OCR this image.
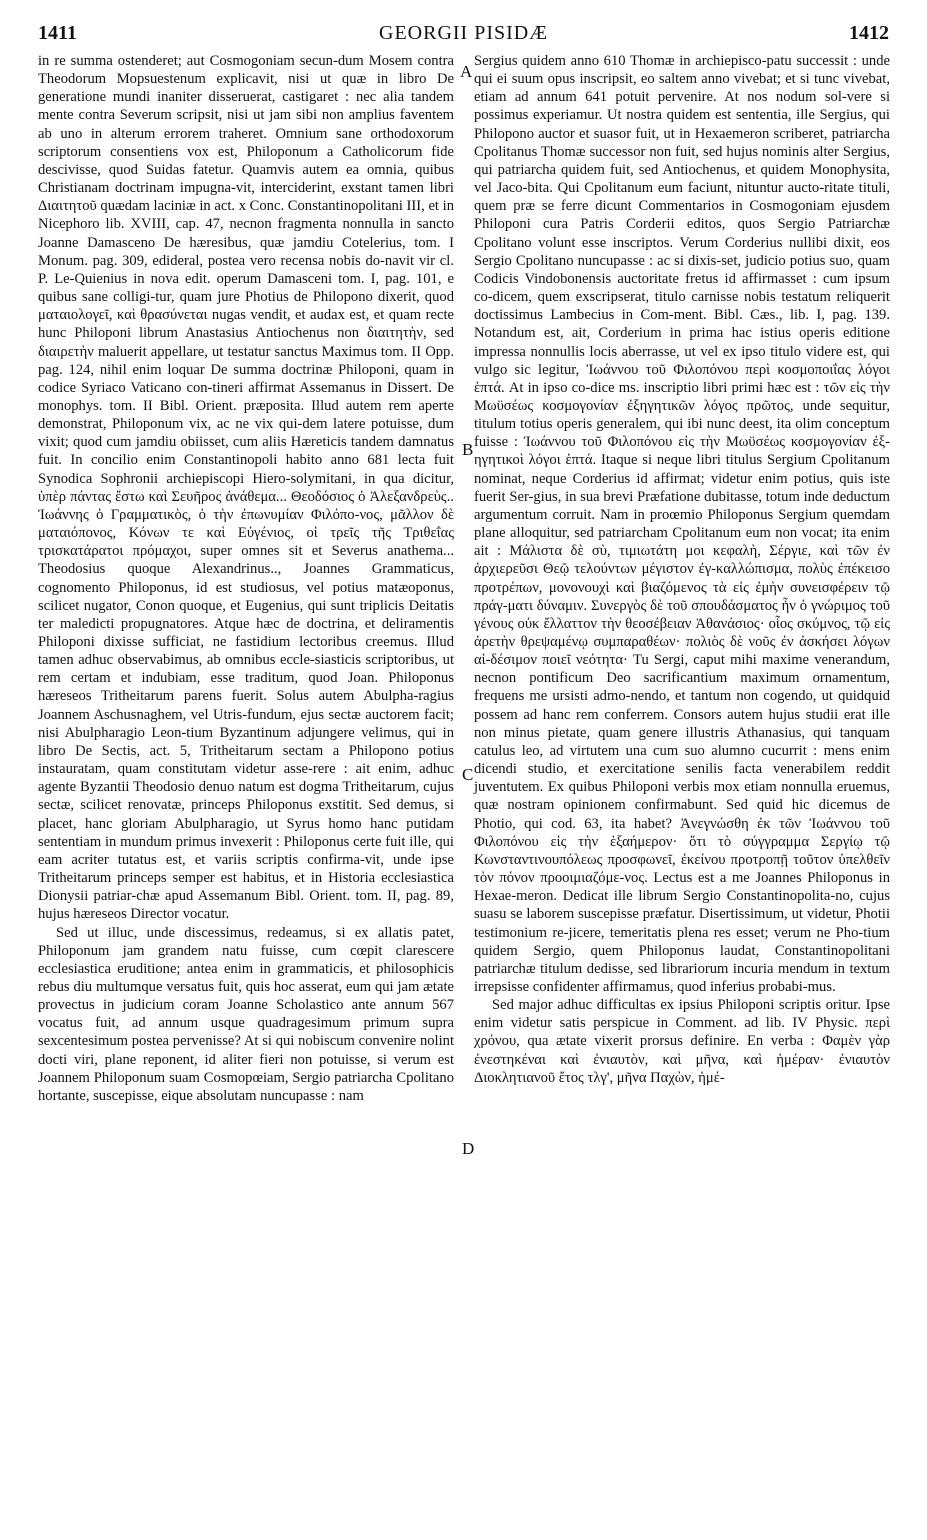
1411	GEORGII PISIDÆ	1412

in re summa ostenderet; aut Cosmogoniam secun-dum Mosem contra Theodorum Mopsuestenum explicavit, nisi ut quæ in libro De generatione mundi inaniter disseruerat, castigaret : nec alia tandem mente contra Severum scripsit, nisi ut jam sibi non amplius faventem ab uno in alterum errorem traheret. Omnium sane orthodoxorum scriptorum consentiens vox est, Philoponum a Catholicorum fide descivisse, quod Suidas fatetur. Quamvis autem ea omnia, quibus Christianam doctrinam impugna-vit, interciderint, exstant tamen libri Διαιτητοῦ quædam laciniæ in act. x Conc. Constantinopolitani III, et in Nicephoro lib. XVIII, cap. 47, necnon fragmenta nonnulla in sancto Joanne Damasceno De hæresibus, quæ jamdiu Cotelerius, tom. I Monum. pag. 309, edideral, postea vero recensa nobis do-navit vir cl. P. Le-Quienius in nova edit. operum Damasceni tom. I, pag. 101, e quibus sane colligi-tur, quam jure Photius de Philopono dixerit, quod ματαιολογεῖ, καὶ θρασύνεται nugas vendit, et audax est, et quam recte hunc Philoponi librum Anastasius Antiochenus non διαιτητὴν, sed διαιρετὴν maluerit appellare, ut testatur sanctus Maximus tom. II Opp. pag. 124, nihil enim loquar De summa doctrinæ Philoponi, quam in codice Syriaco Vaticano con-tineri affirmat Assemanus in Dissert. De monophys. tom. II Bibl. Orient. præposita. Illud autem rem aperte demonstrat, Philoponum vix, ac ne vix qui-dem latere potuisse, dum vixit; quod cum jamdiu obiisset, cum aliis Hæreticis tandem damnatus fuit. In concilio enim Constantinopoli habito anno 681 lecta fuit Synodica Sophronii archiepiscopi Hiero-solymitani, in qua dicitur, ὑπὲρ πάντας ἔστω καὶ Σευῆρος ἀνάθεμα... Θεοδόσιος ὁ Ἀλεξανδρεὺς.. Ἰωάννης ὁ Γραμματικὸς, ὁ τὴν ἐπωνυμίαν Φιλόπο-νος, μᾶλλον δὲ ματαιόπονος, Κόνων τε καὶ Εὐγένιος, οἱ τρεῖς τῆς Τριθεΐας τρισκατάρατοι πρόμαχοι, super omnes sit et Severus anathema... Theodosius quoque Alexandrinus.., Joannes Grammaticus, cognomento Philoponus, id est studiosus, vel potius matæoponus, scilicet nugator, Conon quoque, et Eugenius, qui sunt triplicis Deitatis ter maledicti propugnatores. Atque hæc de doctrina, et deliramentis Philoponi dixisse sufficiat, ne fastidium lectoribus creemus. Illud tamen adhuc observabimus, ab omnibus eccle-siasticis scriptoribus, ut rem certam et indubiam, esse traditum, quod Joan. Philoponus hæreseos Tritheitarum parens fuerit. Solus autem Abulpha-ragius Joannem Aschusnaghem, vel Utris-fundum, ejus sectæ auctorem facit; nisi Abulpharagio Leon-tium Byzantinum adjungere velimus, qui in libro De Sectis, act. 5, Tritheitarum sectam a Philopono potius instauratam, quam constitutam videtur asse-rere : ait enim, adhuc agente Byzantii Theodosio denuo natum est dogma Tritheitarum, cujus sectæ, scilicet renovatæ, princeps Philoponus exstitit. Sed demus, si placet, hanc gloriam Abulpharagio, ut Syrus homo hanc putidam sententiam in mundum primus invexerit : Philoponus certe fuit ille, qui eam acriter tutatus est, et variis scriptis confirma-vit, unde ipse Tritheitarum princeps semper est habitus, et in Historia ecclesiastica Dionysii patriar-chæ apud Assemanum Bibl. Orient. tom. II, pag. 89, hujus hæreseos Director vocatur.

Sed ut illuc, unde discessimus, redeamus, si ex allatis patet, Philoponum jam grandem natu fuisse, cum cœpit clarescere ecclesiastica eruditione; antea enim in grammaticis, et philosophicis rebus diu multumque versatus fuit, quis hoc asserat, eum qui jam ætate provectus in judicium coram Joanne Scholastico ante annum 567 vocatus fuit, ad annum usque quadragesimum primum supra sexcentesimum postea pervenisse? At si qui nobiscum convenire nolint docti viri, plane reponent, id aliter fieri non potuisse, si verum est Joannem Philoponum suam Cosmopœiam, Sergio patriarcha Cpolitano hortante, suscepisse, eique absolutam nuncupasse : nam

Sergius quidem anno 610 Thomæ in archiepisco-patu successit : unde qui ei suum opus inscripsit, eo saltem anno vivebat; et si tunc vivebat, etiam ad annum 641 potuit pervenire. At nos nodum sol-vere si possimus experiamur. Ut nostra quidem est sententia, ille Sergius, qui Philopono auctor et suasor fuit, ut in Hexaemeron scriberet, patriarcha Cpolitanus Thomæ successor non fuit, sed hujus nominis alter Sergius, qui patriarcha quidem fuit, sed Antiochenus, et quidem Monophysita, vel Jaco-bita. Qui Cpolitanum eum faciunt, nituntur aucto-ritate tituli, quem præ se ferre dicunt Commentarios in Cosmogoniam ejusdem Philoponi cura Patris Corderii editos, quos Sergio Patriarchæ Cpolitano volunt esse inscriptos. Verum Corderius nullibi dixit, eos Sergio Cpolitano nuncupasse : ac si dixis-set, judicio potius suo, quam Codicis Vindobonensis auctoritate fretus id affirmasset : cum ipsum co-dicem, quem exscripserat, titulo carnisse nobis testatum reliquerit doctissimus Lambecius in Com-ment. Bibl. Cæs., lib. I, pag. 139. Notandum est, ait, Corderium in prima hac istius operis editione impressa nonnullis locis aberrasse, ut vel ex ipso titulo videre est, qui vulgo sic legitur, Ἰωάννου τοῦ Φιλοπόνου περὶ κοσμοποιΐας λόγοι ἑπτά. At in ipso co-dice ms. inscriptio libri primi hæc est : τῶν εἰς τὴν Μωϋσέως κοσμογονίαν ἐξηγητικῶν λόγος πρῶτος, unde sequitur, titulum totius operis generalem, qui ibi nunc deest, ita olim conceptum fuisse : Ἰωάννου τοῦ Φιλοπόνου εἰς τὴν Μωϋσέως κοσμογονίαν ἐξ-ηγητικοὶ λόγοι ἑπτά. Itaque si neque libri titulus Sergium Cpolitanum nominat, neque Corderius id affirmat; videtur enim potius, quis iste fuerit Ser-gius, in sua brevi Præfatione dubitasse, totum inde deductum argumentum corruit. Nam in proœmio Philoponus Sergium quemdam plane alloquitur, sed patriarcham Cpolitanum eum non vocat; ita enim ait : Μάλιστα δὲ σὺ, τιμιωτάτη μοι κεφαλὴ, Σέργιε, καὶ τῶν ἐν ἀρχιερεῦσι Θεῷ τελούντων μέγιστον ἐγ-καλλώπισμα, πολὺς ἐπέκεισο προτρέπων, μονονουχὶ καὶ βιαζόμενος τὰ εἰς ἐμὴν συνεισφέρειν τῷ πράγ-ματι δύναμιν. Συνεργὸς δὲ τοῦ σπουδάσματος ἦν ὁ γνώριμος τοῦ γένους οὐκ ἔλλαττον τὴν θεοσέβειαν Ἀθανάσιος· οἷος σκύμνος, τῷ εἰς ἀρετὴν θρεψαμένῳ συμπαραθέων· πολιὸς δὲ νοῦς ἐν ἀσκήσει λόγων αἰ-δέσιμον ποιεῖ νεότητα· Tu Sergi, caput mihi maxime venerandum, necnon pontificum Deo sacrificantium maximum ornamentum, frequens me ursisti admo-nendo, et tantum non cogendo, ut quidquid possem ad hanc rem conferrem. Consors autem hujus studii erat ille non minus pietate, quam genere illustris Athanasius, qui tanquam catulus leo, ad virtutem una cum suo alumno cucurrit : mens enim dicendi studio, et exercitatione senilis facta venerabilem reddit juventutem. Ex quibus Philoponi verbis mox etiam nonnulla eruemus, quæ nostram opinionem confirmabunt. Sed quid hic dicemus de Photio, qui cod. 63, ita habet? Ἀνεγνώσθη ἐκ τῶν Ἰωάννου τοῦ Φιλοπόνου εἰς τὴν ἑξαήμερον· ὅτι τὸ σύγγραμμα Σεργίῳ τῷ Κωνσταντινουπόλεως προσφωνεῖ, ἐκείνου προτροπῇ τοῦτον ὑπελθεῖν τὸν πόνον προοιμιαζόμε-νος. Lectus est a me Joannes Philoponus in Hexae-meron. Dedicat ille librum Sergio Constantinopolita-no, cujus suasu se laborem suscepisse præfatur. Disertissimum, ut videtur, Photii testimonium re-jicere, temeritatis plena res esset; verum ne Pho-tium quidem Sergio, quem Philoponus laudat, Constantinopolitani patriarchæ titulum dedisse, sed librariorum incuria mendum in textum irrepsisse confidenter affirmamus, quod inferius probabi-mus.

Sed major adhuc difficultas ex ipsius Philoponi scriptis oritur. Ipse enim videtur satis perspicue in Comment. ad lib. IV Physic. περὶ χρόνου, qua ætate vixerit prorsus definire. En verba : Φαμὲν γὰρ ἐνεστηκέναι καὶ ἐνιαυτὸν, καὶ μῆνα, καὶ ἡμέραν· ἐνιαυτὸν Διοκλητιανοῦ ἔτος τλγ', μῆνα Παχὼν, ἡμέ-

A
B
C
D
